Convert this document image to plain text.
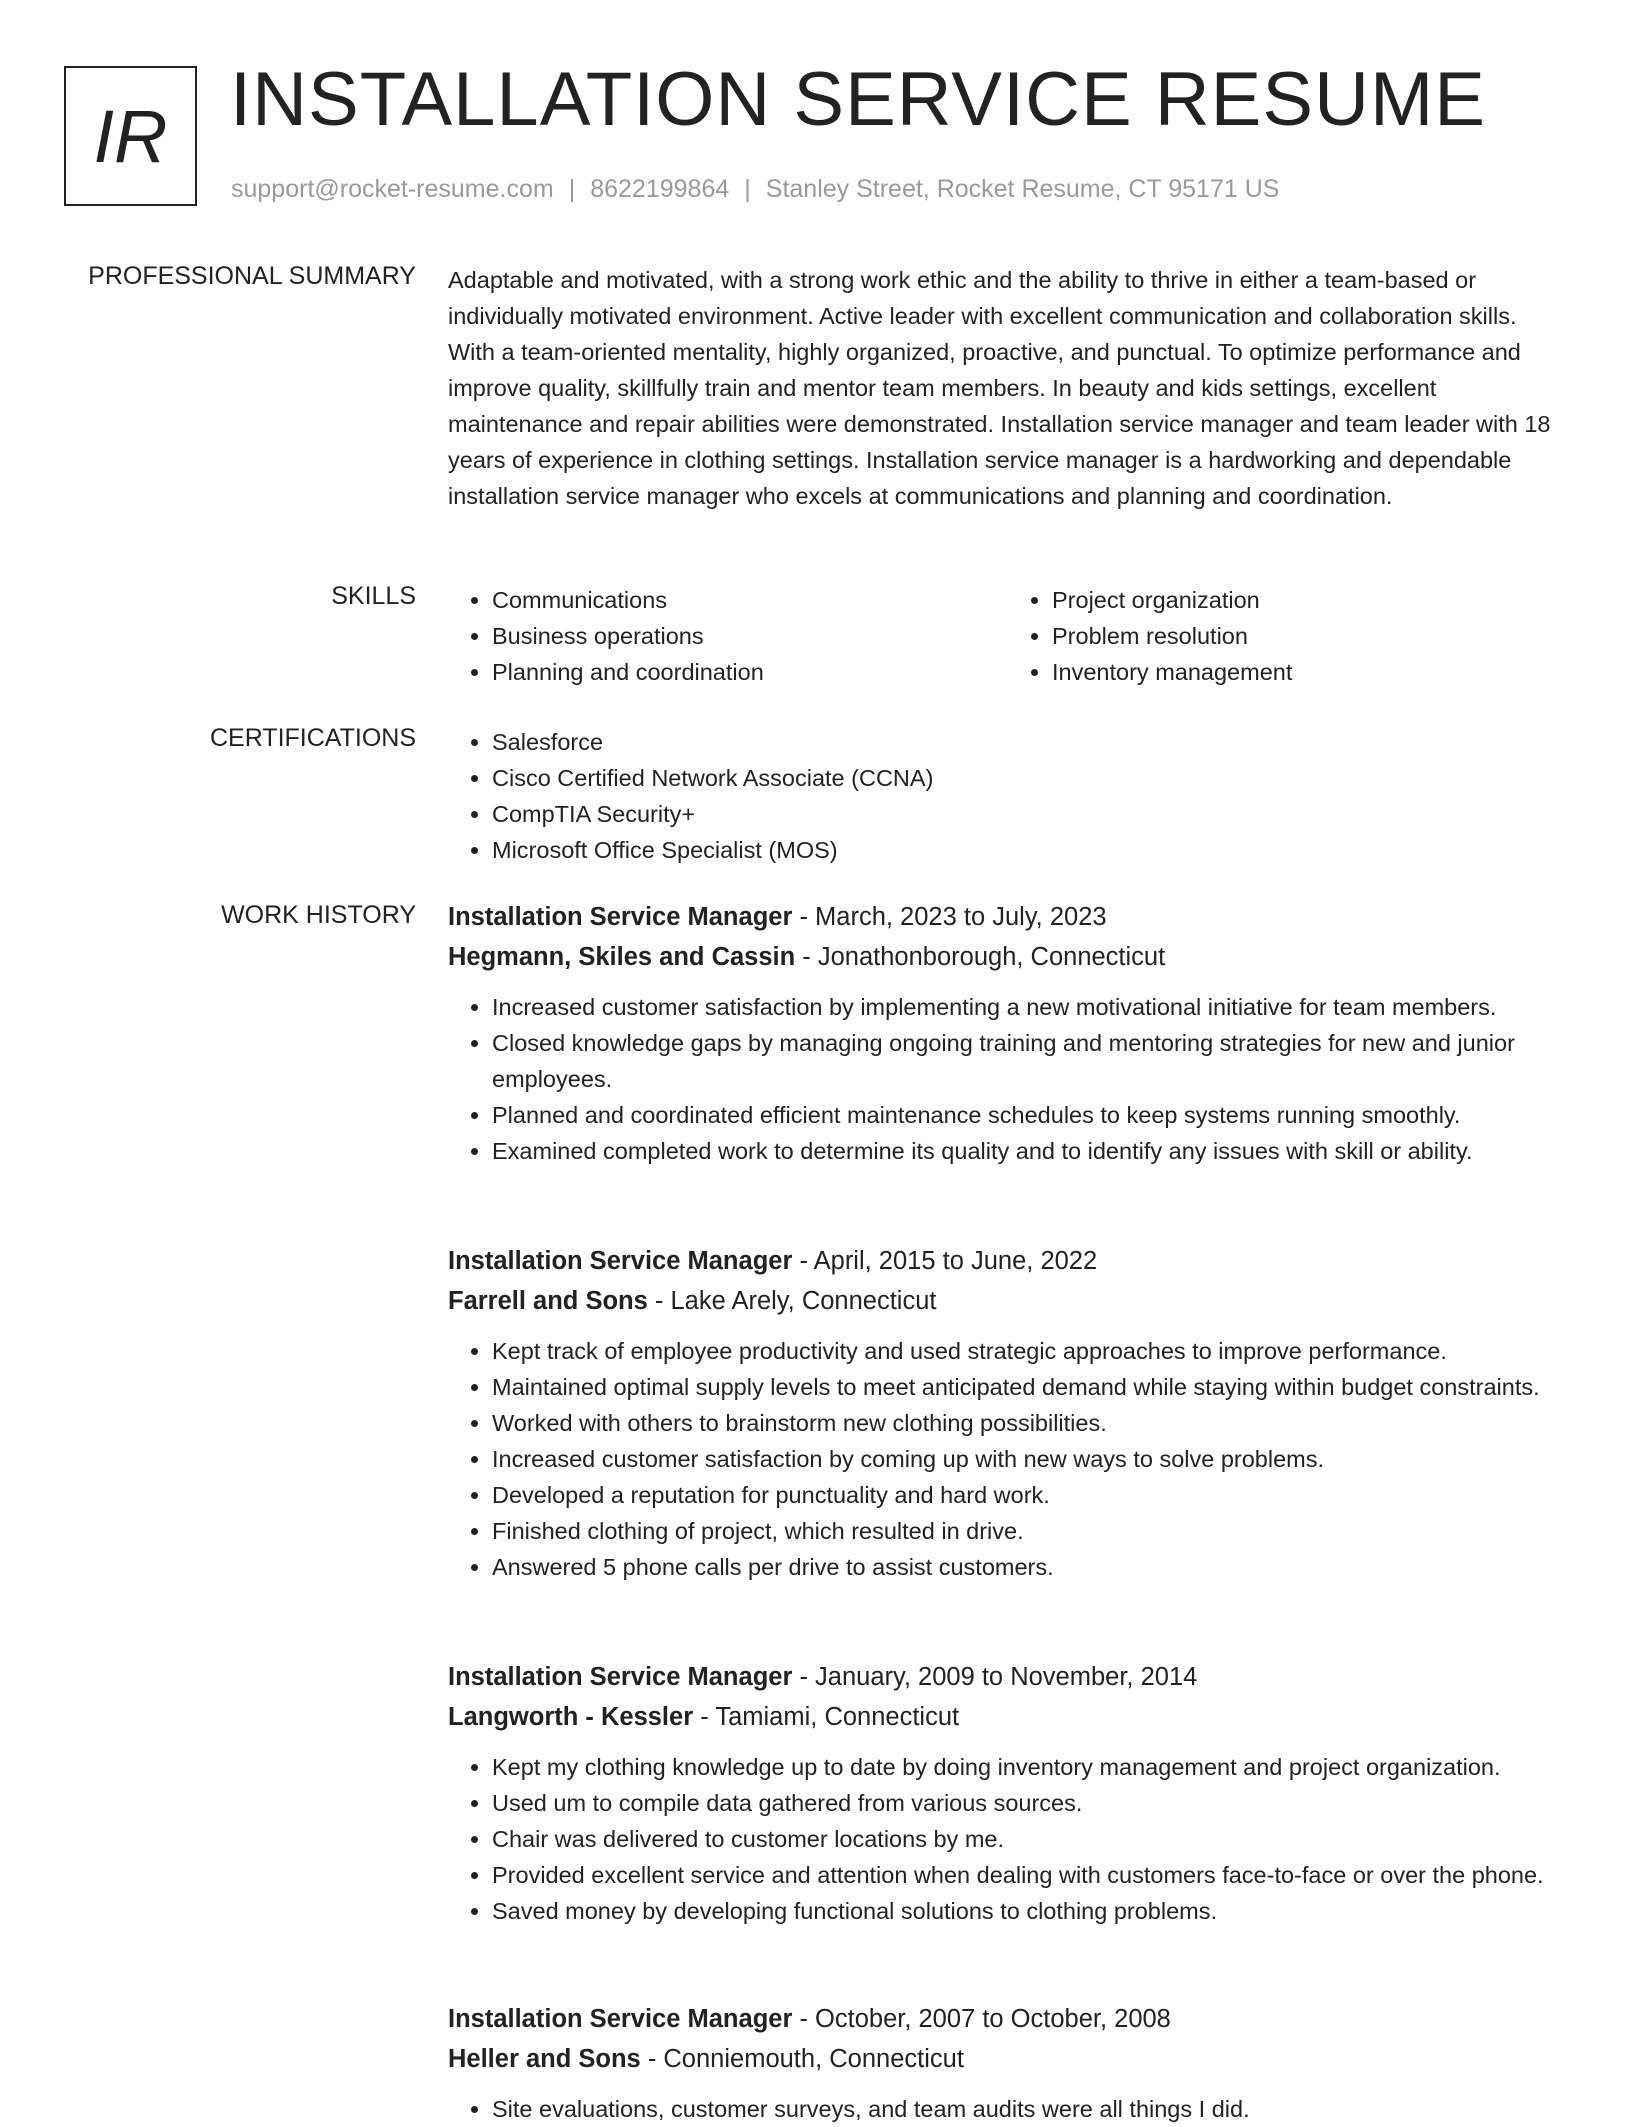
IR INSTALLATION SERVICE RESUME
support@rocket-resume.com | 8622199864 | Stanley Street, Rocket Resume, CT 95171 US
PROFESSIONAL SUMMARY Adaptable and motivated, with a strong work ethic and the ability to thrive in either a team-based or individually motivated environment. Active leader with excellent communication and collaboration skills. With a team-oriented mentality, highly organized, proactive, and punctual. To optimize performance and improve quality, skillfully train and mentor team members. In beauty and kids settings, excellent maintenance and repair abilities were demonstrated. Installation service manager and team leader with 18 years of experience in clothing settings. Installation service manager is a hardworking and dependable installation service manager who excels at communications and planning and coordination.

SKILLS	• Communications
• Business operations
• Planning and coordination
• Project organization
• Problem resolution
• Inventory management
CERTIFICATIONS	• Salesforce
• Cisco Certified Network Associate (CCNA)
• CompTIA Security+
• Microsoft Office Specialist (MOS)
WORK HISTORY Installation Service Manager - March, 2023 to July, 2023
Hegmann, Skiles and Cassin - Jonathonborough, Connecticut
• Increased customer satisfaction by implementing a new motivational initiative for team members.
• Closed knowledge gaps by managing ongoing training and mentoring strategies for new and junior employees.
• Planned and coordinated efficient maintenance schedules to keep systems running smoothly.
• Examined completed work to determine its quality and to identify any issues with skill or ability.
Installation Service Manager - April, 2015 to June, 2022
Farrell and Sons - Lake Arely, Connecticut
• Kept track of employee productivity and used strategic approaches to improve performance.
• Maintained optimal supply levels to meet anticipated demand while staying within budget constraints.
• Worked with others to brainstorm new clothing possibilities.
• Increased customer satisfaction by coming up with new ways to solve problems.
• Developed a reputation for punctuality and hard work.
• Finished clothing of project, which resulted in drive.
• Answered 5 phone calls per drive to assist customers.
Installation Service Manager - January, 2009 to November, 2014
Langworth - Kessler - Tamiami, Connecticut
• Kept my clothing knowledge up to date by doing inventory management and project organization.
• Used um to compile data gathered from various sources.
• Chair was delivered to customer locations by me.
• Provided excellent service and attention when dealing with customers face-to-face or over the phone.
• Saved money by developing functional solutions to clothing problems.
Installation Service Manager - October, 2007 to October, 2008
Heller and Sons - Conniemouth, Connecticut
• Site evaluations, customer surveys, and team audits were all things I did.
